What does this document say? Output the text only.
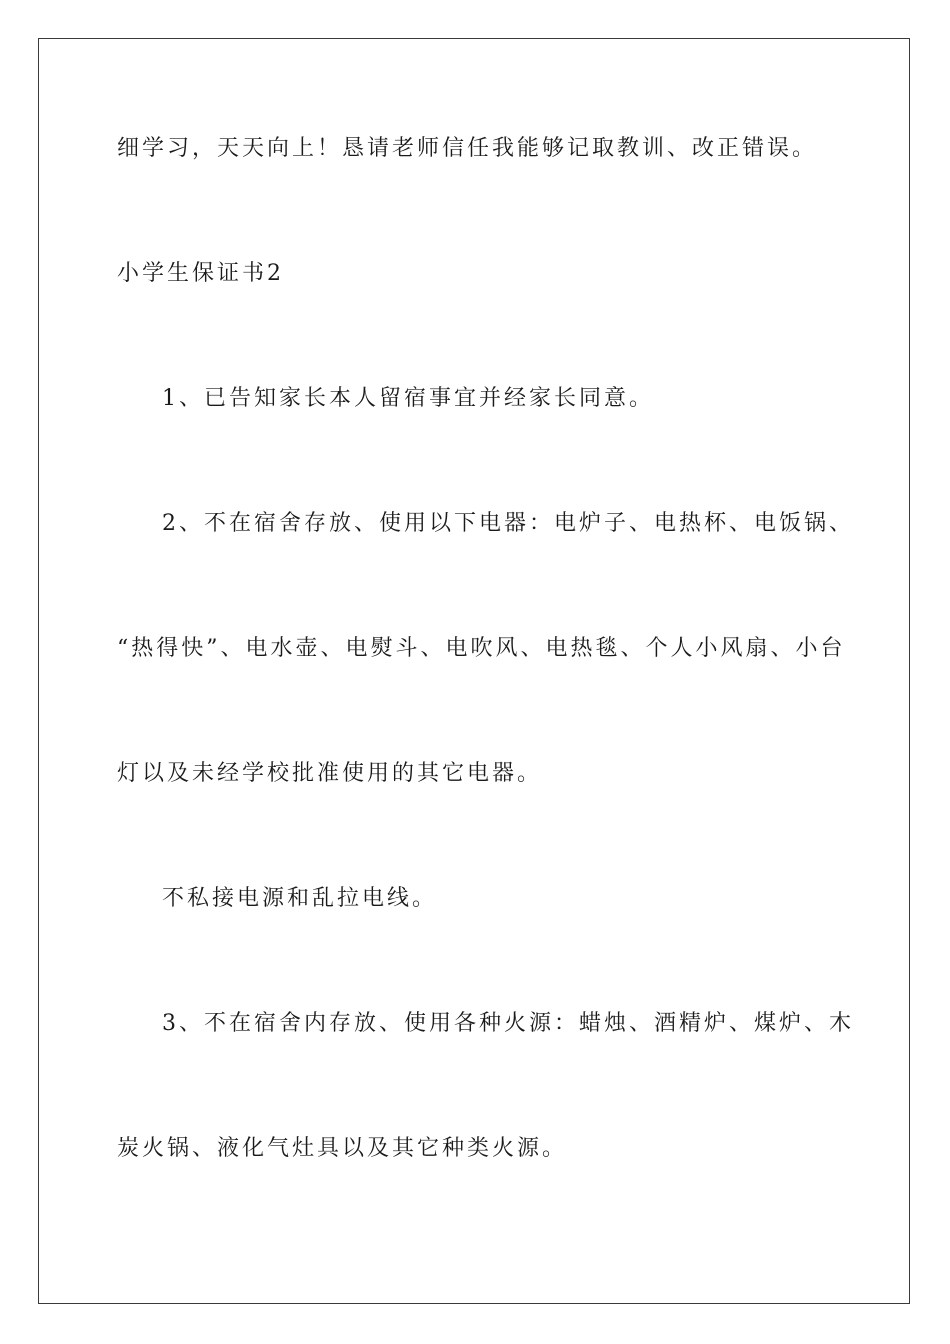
细学习，天天向上！恳请老师信任我能够记取教训、改正错误。
小学生保证书2
1、已告知家长本人留宿事宜并经家长同意。
2、不在宿舍存放、使用以下电器：电炉子、电热杯、电饭锅、
“热得快”、电水壶、电熨斗、电吹风、电热毯、个人小风扇、小台
灯以及未经学校批准使用的其它电器。
不私接电源和乱拉电线。
3、不在宿舍内存放、使用各种火源：蜡烛、酒精炉、煤炉、木
炭火锅、液化气灶具以及其它种类火源。
